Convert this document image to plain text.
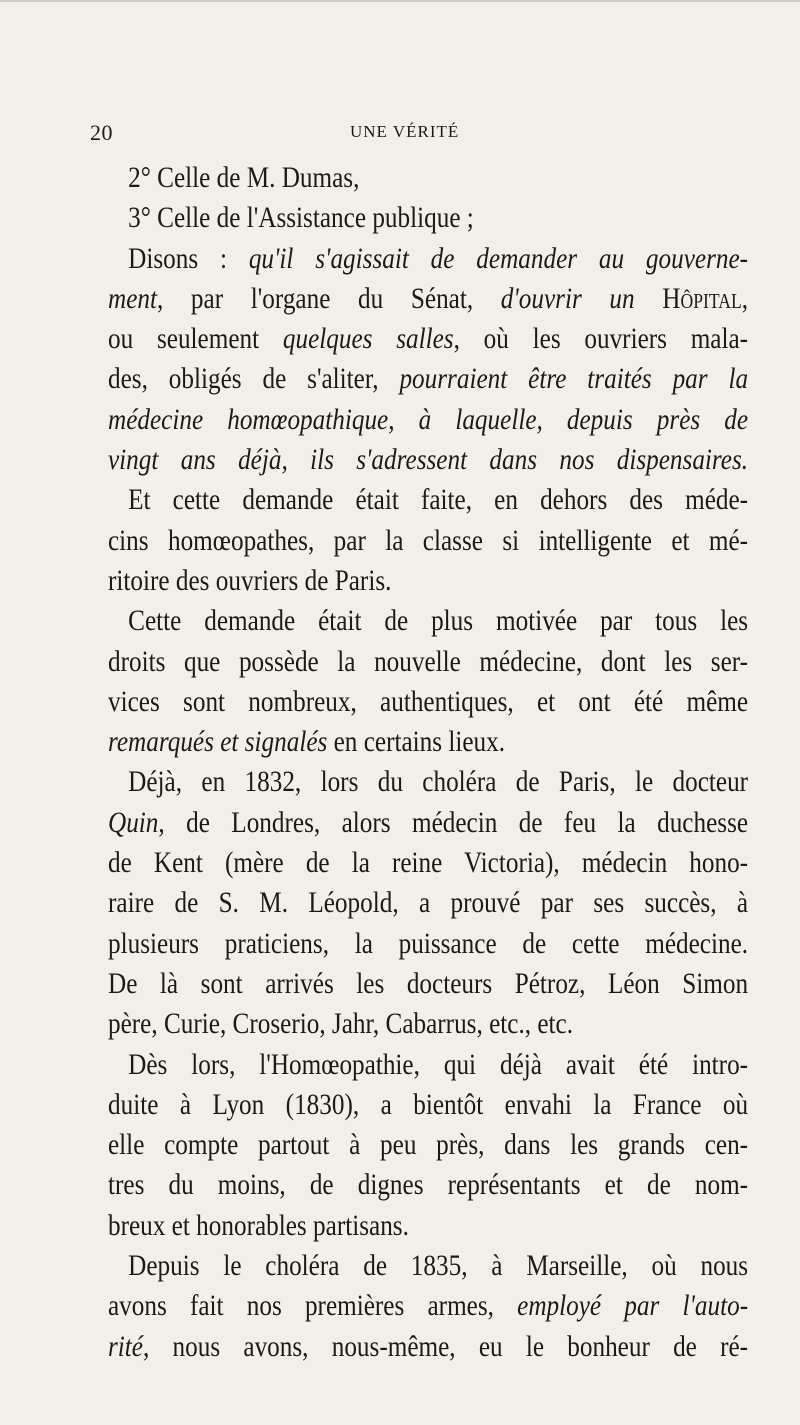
20	UNE VÉRITÉ
2° Celle de M. Dumas,
3° Celle de l'Assistance publique ;
Disons : qu'il s'agissait de demander au gouverne-
ment, par l'organe du Sénat, d'ouvrir un Hôpital,
ou seulement quelques salles, où les ouvriers mala-
des, obligés de s'aliter, pourraient être traités par la
médecine homœopathique, à laquelle, depuis près de
vingt ans déjà, ils s'adressent dans nos dispensaires.
Et cette demande était faite, en dehors des méde-
cins homœopathes, par la classe si intelligente et mé-
ritoire des ouvriers de Paris.
Cette demande était de plus motivée par tous les
droits que possède la nouvelle médecine, dont les ser-
vices sont nombreux, authentiques, et ont été même
remarqués et signalés en certains lieux.
Déjà, en 1832, lors du choléra de Paris, le docteur
Quin, de Londres, alors médecin de feu la duchesse
de Kent (mère de la reine Victoria), médecin hono-
raire de S. M. Léopold, a prouvé par ses succès, à
plusieurs praticiens, la puissance de cette médecine.
De là sont arrivés les docteurs Pétroz, Léon Simon
père, Curie, Croserio, Jahr, Cabarrus, etc., etc.
Dès lors, l'Homœopathie, qui déjà avait été intro-
duite à Lyon (1830), a bientôt envahi la France où
elle compte partout à peu près, dans les grands cen-
tres du moins, de dignes représentants et de nom-
breux et honorables partisans.
Depuis le choléra de 1835, à Marseille, où nous
avons fait nos premières armes, employé par l'auto-
rité, nous avons, nous-même, eu le bonheur de ré-
